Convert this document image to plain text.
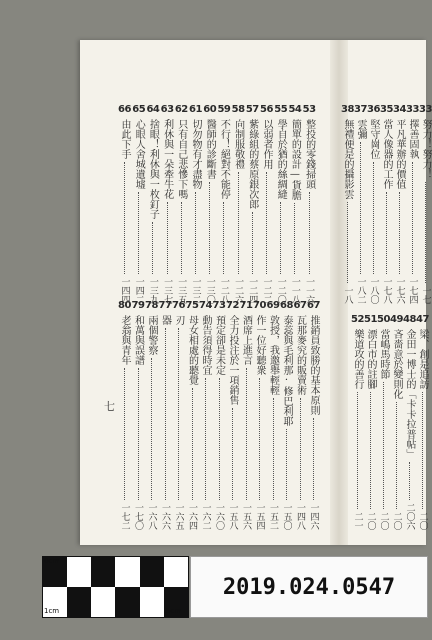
66
由此下手
一四四
65
心眼人舍城遺墟
一四二
64
捨眼！利休與一枚釘子
一三九
63
利休與一朵牽牛花
一三七
62
只有自己悲慘下嗎
一三五
61
切勿物有才盡物
一三二
60
醫師的診斷書
一三〇
59
不行！絕對不能停
一二八
58
向制服敬禮
一二六
57
紫綠組的蔡原銀次郎
一二四
56
以弱者作用
一二二
55
學自於猶的絲綢縫
一二〇
54
簡單的設計—貨膽
一一八
53
整投的零錢掃頭
一一六
80
老翁與青年
一七二
79
和萬與誤譜
一七〇
78
兩個警察
一六八
77
器
一六六
76
刃
一六五
75
母女相處的聽覺
一六四
74
動告須得時宜
一六二
73
預定卻是未定
一六〇
72
全力投注於一項銷售
一五八
71
酒席上進言
一五六
70
作一位好聽衆
一五四
69
敦授，我邀舉輕輕
一五二
68
泰蕊與毛利那·修巴利耶
一五〇
67
瓦那麥究的販賣術
一四八
67
推銷員致勝的基本原則
一四六
38
無禮便是的攝影雲
一八
37
雲彌
一八二
36
堅守崗位
一八〇
35
當人像器的工作
一七八
34
平凡華辦的價值
一七六
33
擇善固執
一七四
33
努力！努力！
一七
52
樂道攻的善行
二一
51
漂白市的註腳
二〇
50
當嶋馬時節
二〇
49
吝嗇意於變則化
二〇
48
金田一博士的「卡卡拉普帖」
二〇六
47
梁、創是追訪
二〇
七
0cm
1cm	5cm
2019.024.0547
